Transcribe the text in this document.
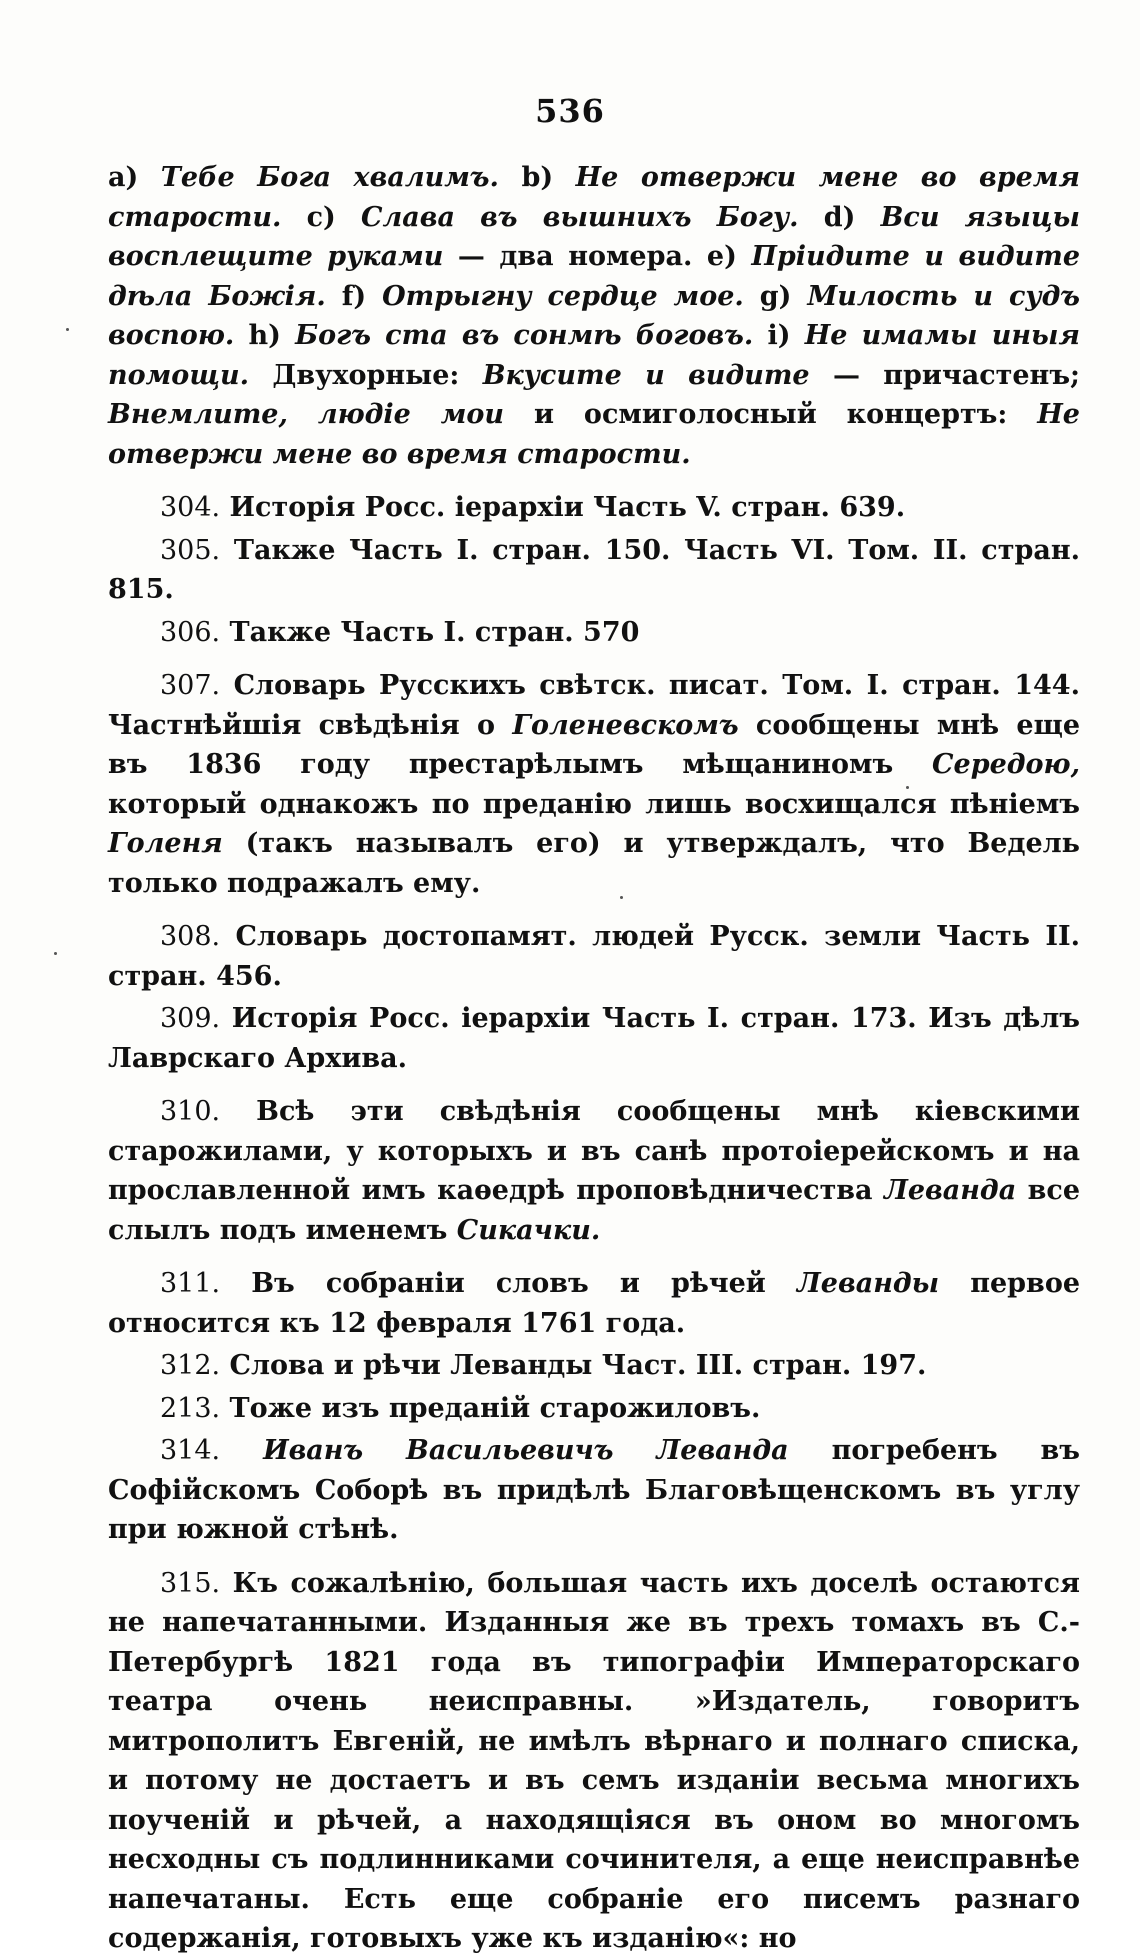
536

a) Тебе Бога хвалимъ. b) Не отвержи мене во время старости. c) Слава въ вышнихъ Богу. d) Вси языцы восплещите руками — два номера. e) Пріидите и видите дѣла Божія. f) Отрыгну сердце мое. g) Милость и судъ воспою. h) Богъ ста въ сонмѣ боговъ. i) Не имамы иныя помощи. Двухорные: Вкусите и видите — причастенъ; Внемлите, людіе мои и осмиголосный концертъ: Не отвержи мене во время старости.

304. Исторія Росс. іерархіи Часть V. стран. 639.

305. Также Часть I. стран. 150. Часть VI. Том. II. стран. 815.

306. Также Часть I. стран. 570

307. Словарь Русскихъ свѣтск. писат. Том. I. стран. 144. Частнѣйшія свѣдѣнія о Голеневскомъ сообщены мнѣ еще въ 1836 году престарѣлымъ мѣщаниномъ Середою, который однакожъ по преданію лишь восхищался пѣніемъ Голеня (такъ называлъ его) и утверждалъ, что Ведель только подражалъ ему.

308. Словарь достопамят. людей Русск. земли Часть II. стран. 456.

309. Исторія Росс. іерархіи Часть I. стран. 173. Изъ дѣлъ Лаврскаго Архива.

310. Всѣ эти свѣдѣнія сообщены мнѣ кіевскими старожилами, у которыхъ и въ санѣ протоіерейскомъ и на прославленной имъ каѳедрѣ проповѣдничества Леванда все слылъ подъ именемъ Сикачки.

311. Въ собраніи словъ и рѣчей Леванды первое относится къ 12 февраля 1761 года.

312. Слова и рѣчи Леванды Част. III. стран. 197.

213. Тоже изъ преданій старожиловъ.

314. Иванъ Васильевичъ Леванда погребенъ въ Софійскомъ Соборѣ въ придѣлѣ Благовѣщенскомъ въ углу при южной стѣнѣ.

315. Къ сожалѣнію, большая часть ихъ доселѣ остаются не напечатанными. Изданныя же въ трехъ томахъ въ С.-Петербургѣ 1821 года въ типографіи Императорскаго театра очень неисправны. »Издатель, говоритъ митрополитъ Евгеній, не имѣлъ вѣрнаго и полнаго списка, и потому не достаетъ и въ семъ изданіи весьма многихъ поученій и рѣчей, а находящіяся въ оном во многомъ несходны съ подлинниками сочинителя, а еще неисправнѣе напечатаны. Есть еще собраніе его писемъ разнаго содержанія, готовыхъ уже къ изданію«: но
